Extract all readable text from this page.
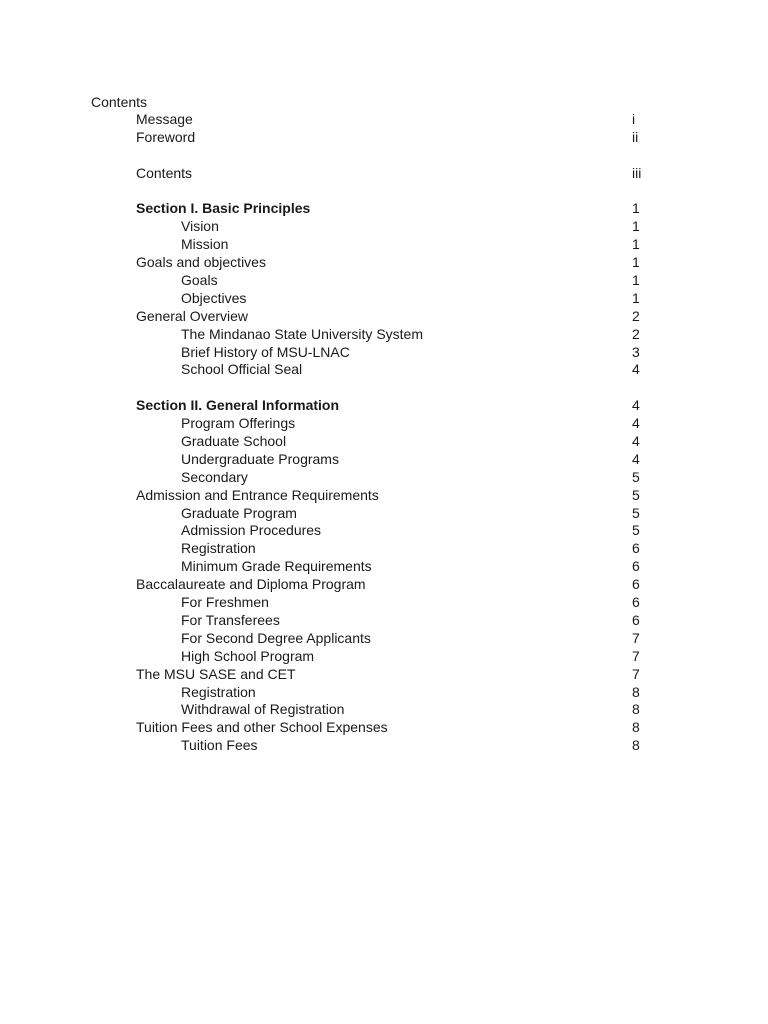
Contents
Message	i
Foreword	ii
Contents	iii
Section I. Basic Principles	1
Vision	1
Mission	1
Goals and objectives	1
Goals	1
Objectives	1
General Overview	2
The Mindanao State University System	2
Brief History of MSU-LNAC	3
School Official Seal	4
Section II. General Information	4
Program Offerings	4
Graduate School	4
Undergraduate Programs	4
Secondary	5
Admission and Entrance Requirements	5
Graduate Program	5
Admission Procedures	5
Registration	6
Minimum Grade Requirements	6
Baccalaureate and Diploma Program	6
For Freshmen	6
For Transferees	6
For Second Degree Applicants	7
High School Program	7
The MSU SASE and CET	7
Registration	8
Withdrawal of Registration	8
Tuition Fees and other School Expenses	8
Tuition Fees	8
